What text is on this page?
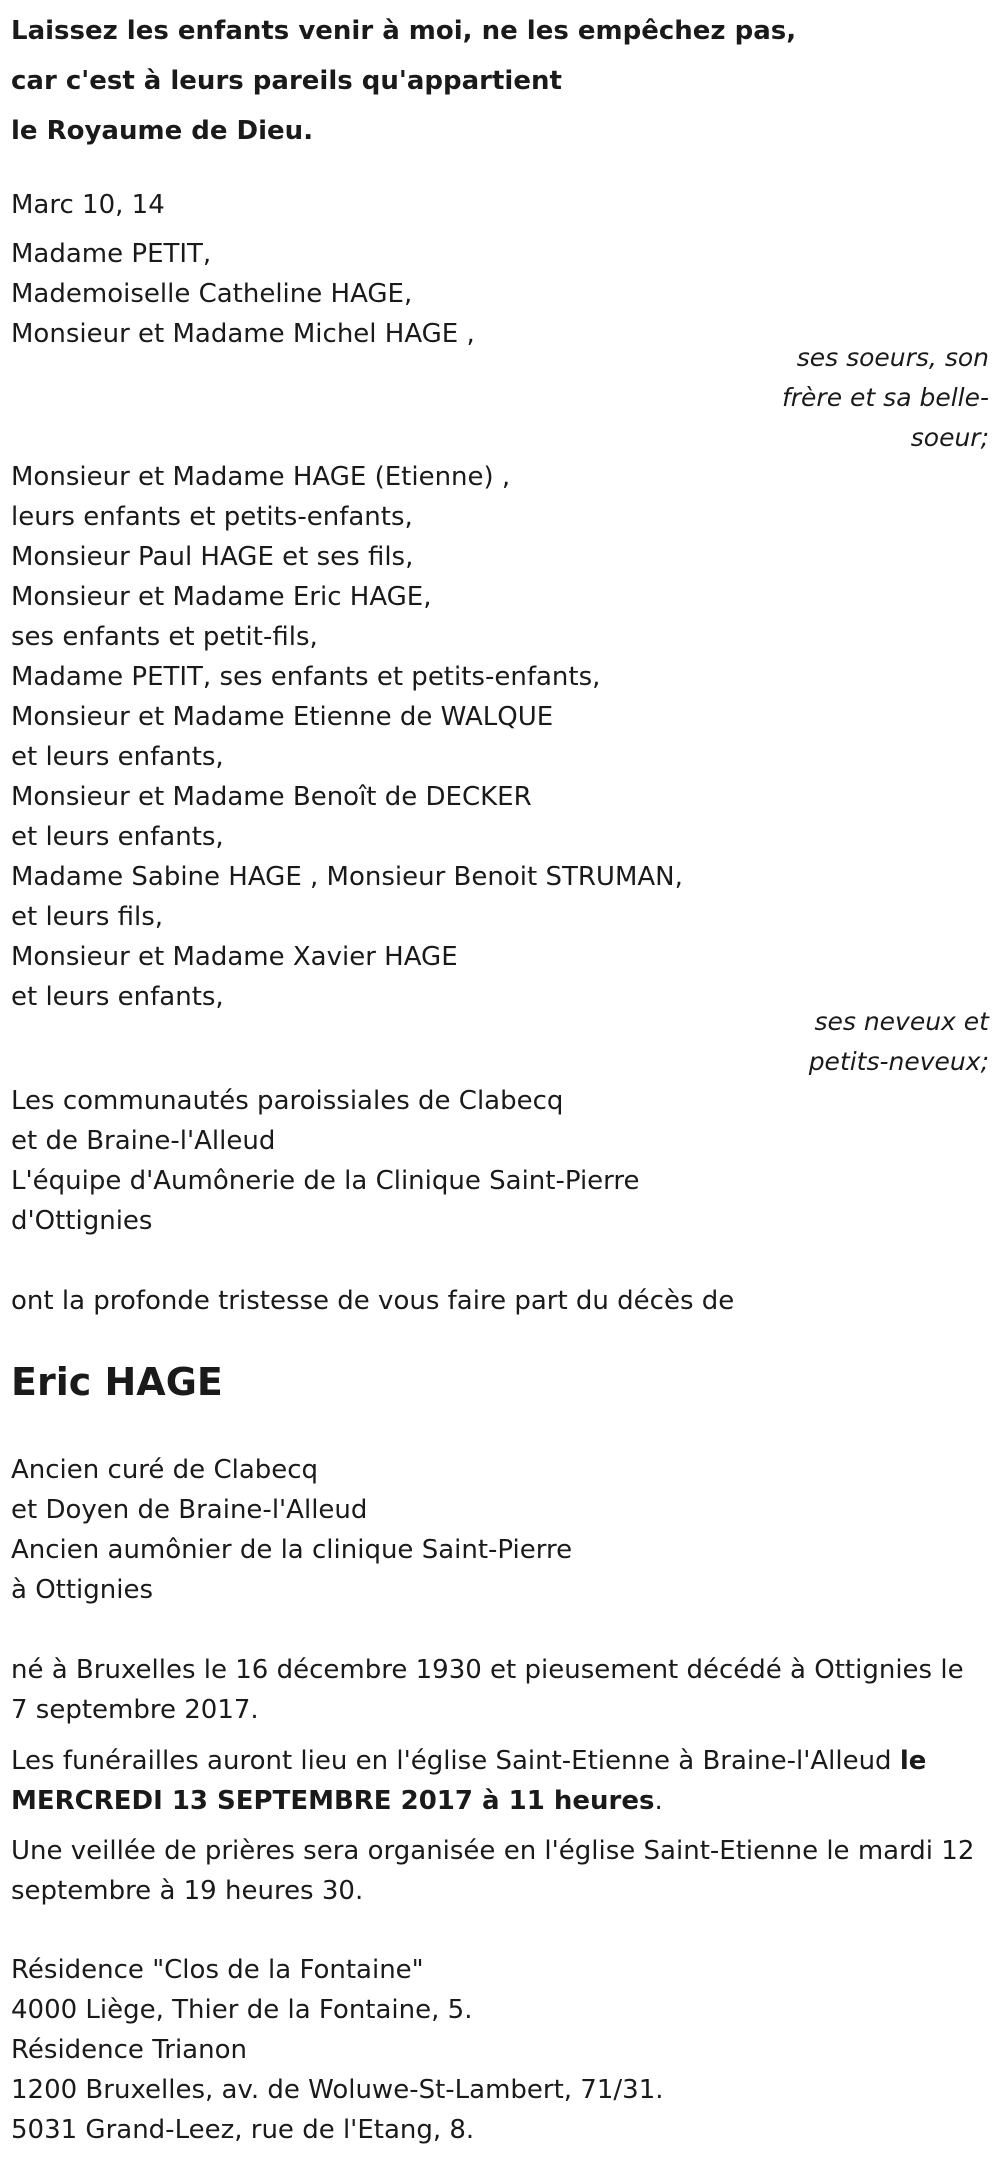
Laissez les enfants venir à moi, ne les empêchez pas,
car c'est à leurs pareils qu'appartient
le Royaume de Dieu.
Marc 10, 14
Madame PETIT,
Mademoiselle Catheline HAGE,
Monsieur et Madame Michel HAGE ,
ses soeurs, son
frère et sa belle-
soeur;
Monsieur et Madame HAGE (Etienne) ,
leurs enfants et petits-enfants,
Monsieur Paul HAGE et ses fils,
Monsieur et Madame Eric HAGE,
ses enfants et petit-fils,
Madame PETIT, ses enfants et petits-enfants,
Monsieur et Madame Etienne de WALQUE
et leurs enfants,
Monsieur et Madame Benoît de DECKER
et leurs enfants,
Madame Sabine HAGE , Monsieur Benoit STRUMAN,
et leurs fils,
Monsieur et Madame Xavier HAGE
et leurs enfants,
ses neveux et
petits-neveux;
Les communautés paroissiales de Clabecq
et de Braine-l'Alleud
L'équipe d'Aumônerie de la Clinique Saint-Pierre
d'Ottignies
ont la profonde tristesse de vous faire part du décès de
Eric HAGE
Ancien curé de Clabecq
et Doyen de Braine-l'Alleud
Ancien aumônier de la clinique Saint-Pierre
à Ottignies
né à Bruxelles le 16 décembre 1930 et pieusement décédé à Ottignies le 7 septembre 2017.
Les funérailles auront lieu en l'église Saint-Etienne à Braine-l'Alleud le MERCREDI 13 SEPTEMBRE 2017 à 11 heures.
Une veillée de prières sera organisée en l'église Saint-Etienne le mardi 12 septembre à 19 heures 30.
Résidence "Clos de la Fontaine"
4000 Liège, Thier de la Fontaine, 5.
Résidence Trianon
1200 Bruxelles, av. de Woluwe-St-Lambert, 71/31.
5031 Grand-Leez, rue de l'Etang, 8.
